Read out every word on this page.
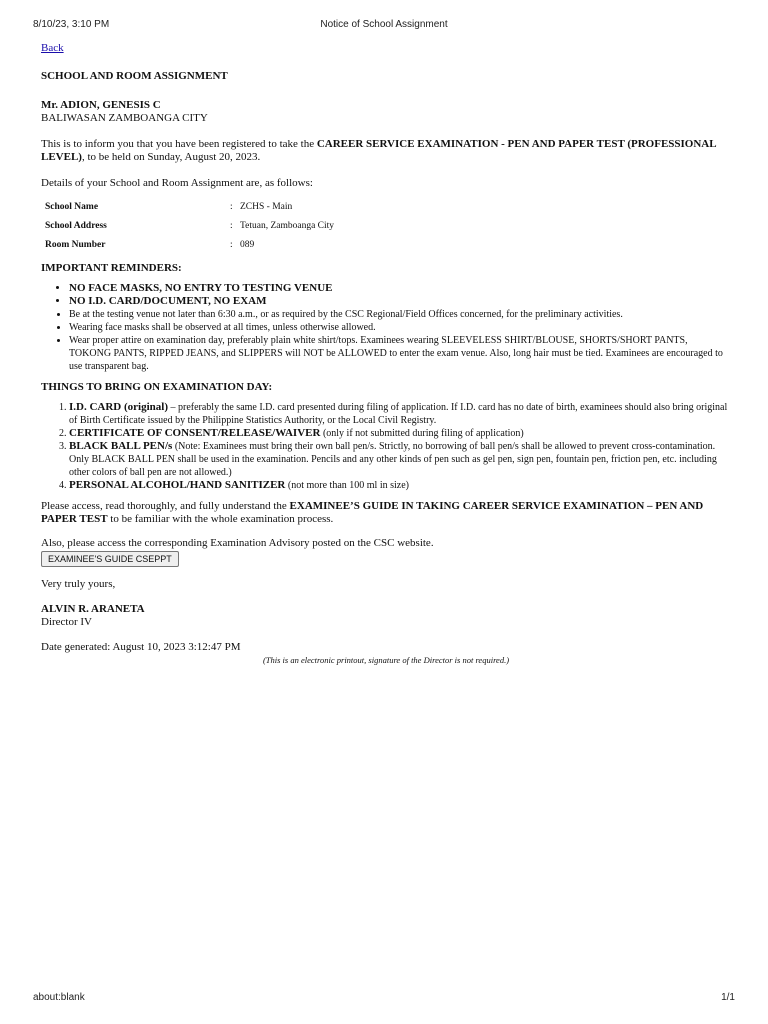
8/10/23, 3:10 PM	Notice of School Assignment
Back
SCHOOL AND ROOM ASSIGNMENT
Mr. ADION, GENESIS C
BALIWASAN ZAMBOANGA CITY

This is to inform you that you have been registered to take the CAREER SERVICE EXAMINATION - PEN AND PAPER TEST (PROFESSIONAL LEVEL), to be held on Sunday, August 20, 2023.

Details of your School and Room Assignment are, as follows:

School Name	:	ZCHS - Main
School Address	:	Tetuan, Zamboanga City
Room Number	:	089
IMPORTANT REMINDERS:
• NO FACE MASKS, NO ENTRY TO TESTING VENUE
• NO I.D. CARD/DOCUMENT, NO EXAM
• Be at the testing venue not later than 6:30 a.m., or as required by the CSC Regional/Field Offices concerned, for the preliminary activities.
• Wearing face masks shall be observed at all times, unless otherwise allowed.
• Wear proper attire on examination day, preferably plain white shirt/tops. Examinees wearing SLEEVELESS SHIRT/BLOUSE, SHORTS/SHORT PANTS, TOKONG PANTS, RIPPED JEANS, and SLIPPERS will NOT be ALLOWED to enter the exam venue. Also, long hair must be tied. Examinees are encouraged to use transparent bag.
THINGS TO BRING ON EXAMINATION DAY:
1. I.D. CARD (original) – preferably the same I.D. card presented during filing of application. If I.D. card has no date of birth, examinees should also bring original of Birth Certificate issued by the Philippine Statistics Authority, or the Local Civil Registry.
2. CERTIFICATE OF CONSENT/RELEASE/WAIVER (only if not submitted during filing of application)
3. BLACK BALL PEN/s (Note: Examinees must bring their own ball pen/s. Strictly, no borrowing of ball pen/s shall be allowed to prevent cross-contamination. Only BLACK BALL PEN shall be used in the examination. Pencils and any other kinds of pen such as gel pen, sign pen, fountain pen, friction pen, etc. including other colors of ball pen are not allowed.)
4. PERSONAL ALCOHOL/HAND SANITIZER (not more than 100 ml in size)

Please access, read thoroughly, and fully understand the EXAMINEE’S GUIDE IN TAKING CAREER SERVICE EXAMINATION – PEN AND PAPER TEST to be familiar with the whole examination process.

Also, please access the corresponding Examination Advisory posted on the CSC website.

EXAMINEE'S GUIDE CSEPPT

Very truly yours,

ALVIN R. ARANETA
Director IV

Date generated: August 10, 2023 3:12:47 PM

(This is an electronic printout, signature of the Director is not required.)
about:blank	1/1
